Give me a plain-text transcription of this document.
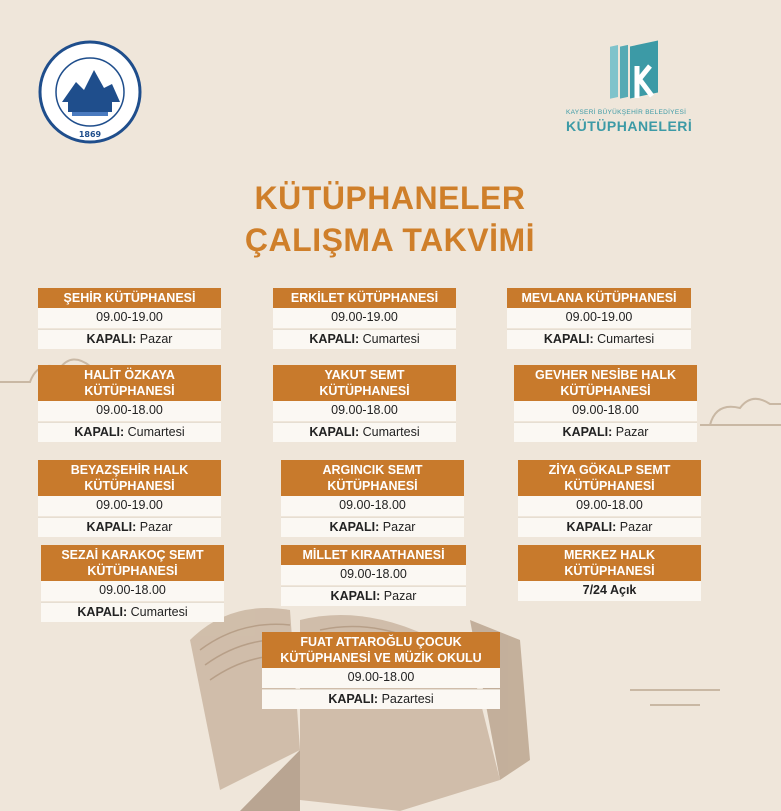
1869
KAYSERİ BÜYÜKŞEHİR BELEDİYESİ
KÜTÜPHANELERİ
KÜTÜPHANELER
ÇALIŞMA TAKVİMİ
ŞEHİR KÜTÜPHANESİ
09.00-19.00
KAPALI: Pazar
ERKİLET KÜTÜPHANESİ
09.00-19.00
KAPALI: Cumartesi
MEVLANA KÜTÜPHANESİ
09.00-19.00
KAPALI: Cumartesi
HALİT ÖZKAYA
KÜTÜPHANESİ
09.00-18.00
KAPALI: Cumartesi
YAKUT SEMT
KÜTÜPHANESİ
09.00-18.00
KAPALI: Cumartesi
GEVHER NESİBE HALK
KÜTÜPHANESİ
09.00-18.00
KAPALI: Pazar
BEYAZŞEHİR HALK
KÜTÜPHANESİ
09.00-19.00
KAPALI: Pazar
ARGINCIK SEMT
KÜTÜPHANESİ
09.00-18.00
KAPALI: Pazar
ZİYA GÖKALP SEMT
KÜTÜPHANESİ
09.00-18.00
KAPALI: Pazar
SEZAİ KARAKOÇ SEMT
KÜTÜPHANESİ
09.00-18.00
KAPALI: Cumartesi
MİLLET KIRAATHANESİ
09.00-18.00
KAPALI: Pazar
MERKEZ HALK
KÜTÜPHANESİ
7/24 Açık
FUAT ATTAROĞLU ÇOCUK
KÜTÜPHANESİ VE MÜZİK OKULU
09.00-18.00
KAPALI: Pazartesi
